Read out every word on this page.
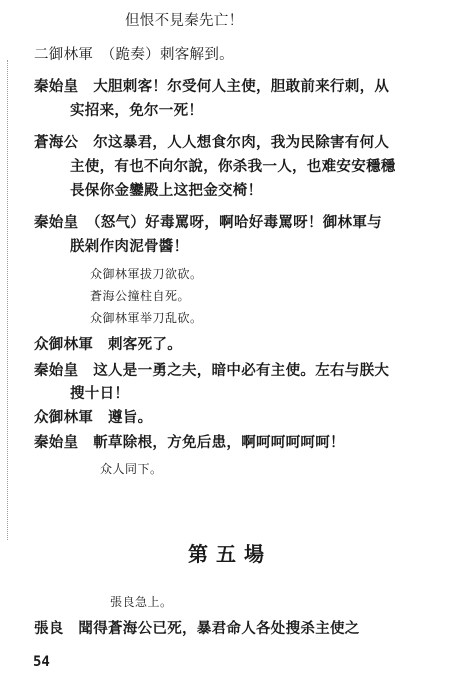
但恨不見秦先亡！
二御林軍　（跪奏）刺客解到。
秦始皇　大胆刺客！尔受何人主使，胆敢前来行刺，从
实招来，免尔一死！
蒼海公　尔这暴君，人人想食尔肉，我为民除害有何人
主使，有也不向尔說，你杀我一人，也难安安穩穩
長保你金鑾殿上这把金交椅！
秦始皇　（怒气）好毒罵呀，啊哈好毒罵呀！御林軍与
朕剁作肉泥骨醬！
众御林軍拔刀欲砍。
蒼海公撞柱自死。
众御林軍举刀乱砍。
众御林軍　刺客死了。
秦始皇　这人是一勇之夫，暗中必有主使。左右与朕大
搜十日！
众御林軍　遵旨。
秦始皇　斬草除根，方免后患，啊呵呵呵呵呵！
众人同下。
第五場
張良急上。
張良　聞得蒼海公已死，暴君命人各处搜杀主使之
54
